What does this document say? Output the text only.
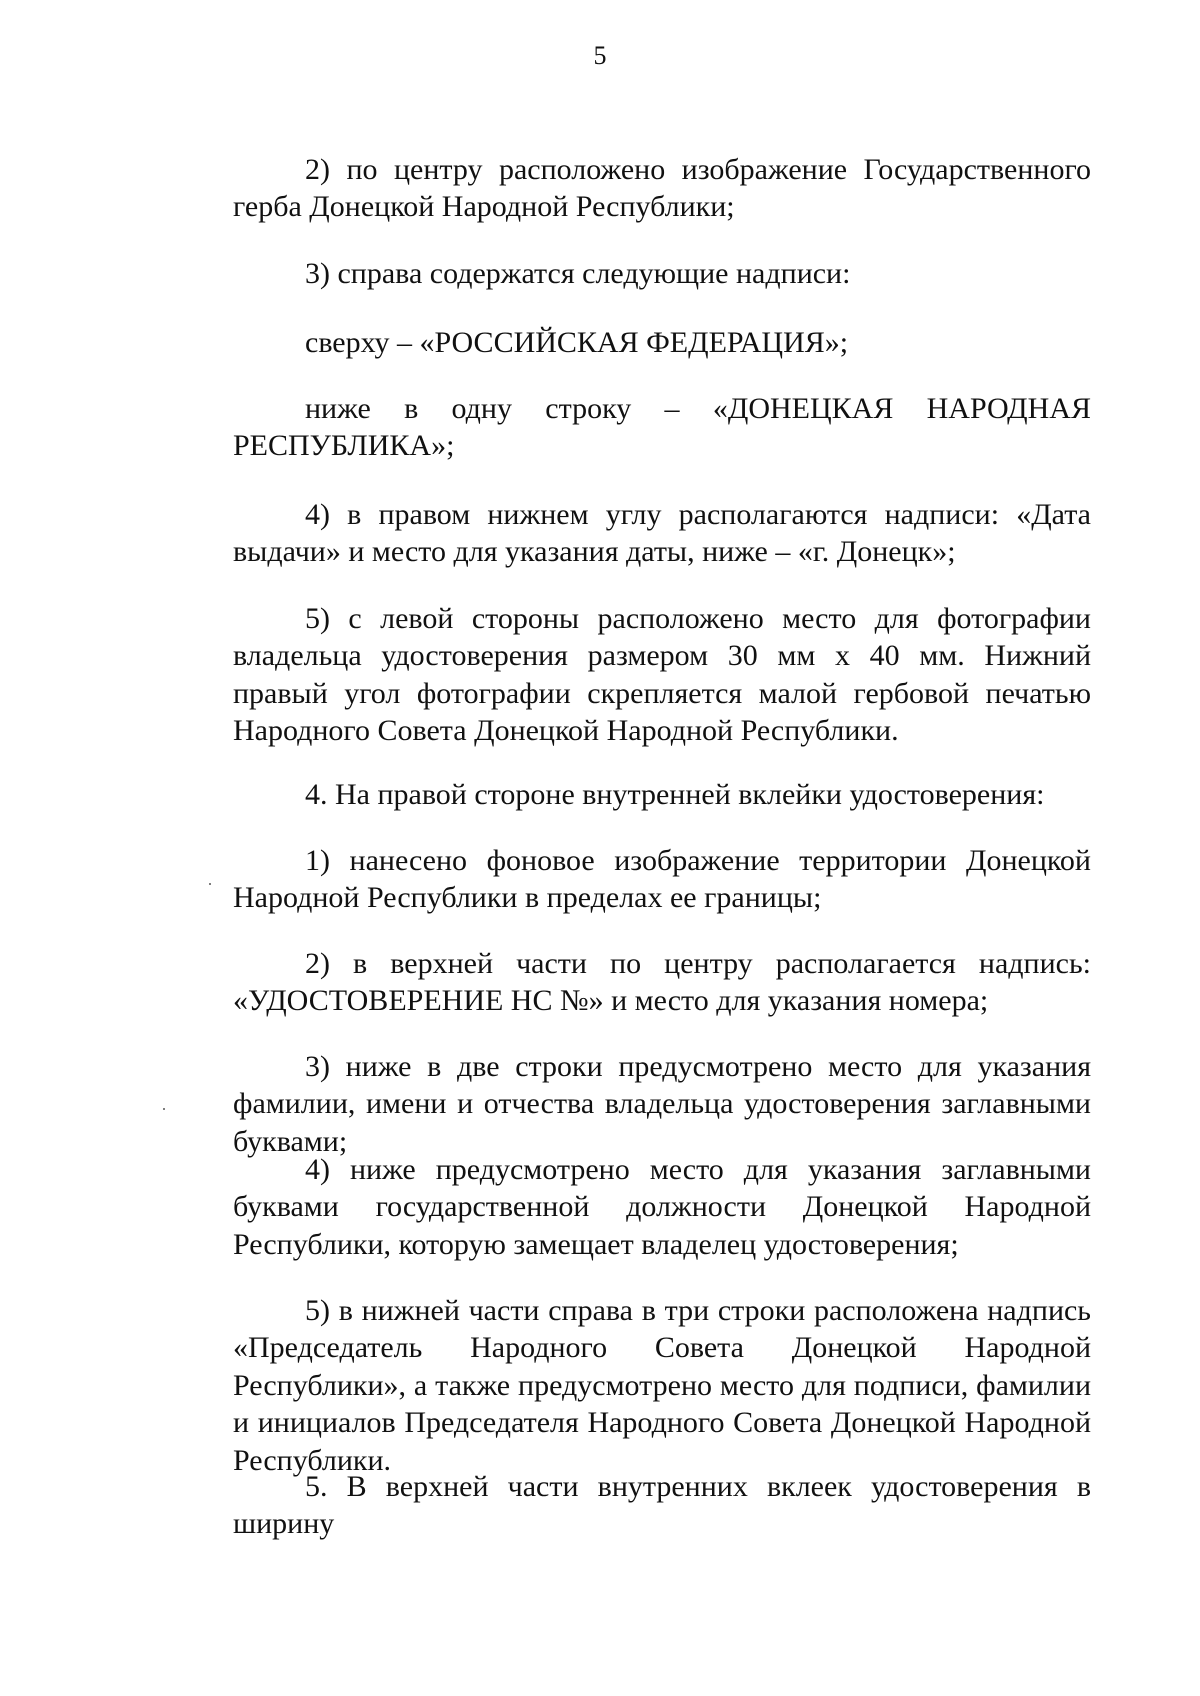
5

2) по центру расположено изображение Государственного герба Донецкой Народной Республики;

3) справа содержатся следующие надписи:

сверху – «РОССИЙСКАЯ ФЕДЕРАЦИЯ»;

ниже в одну строку – «ДОНЕЦКАЯ НАРОДНАЯ РЕСПУБЛИКА»;

4) в правом нижнем углу располагаются надписи: «Дата выдачи» и место для указания даты, ниже – «г. Донецк»;

5) с левой стороны расположено место для фотографии владельца удостоверения размером 30 мм х 40 мм. Нижний правый угол фотографии скрепляется малой гербовой печатью Народного Совета Донецкой Народной Республики.

4. На правой стороне внутренней вклейки удостоверения:

1) нанесено фоновое изображение территории Донецкой Народной Республики в пределах ее границы;

2) в верхней части по центру располагается надпись: «УДОСТОВЕРЕНИЕ НС №» и место для указания номера;

3) ниже в две строки предусмотрено место для указания фамилии, имени и отчества владельца удостоверения заглавными буквами;

4) ниже предусмотрено место для указания заглавными буквами государственной должности Донецкой Народной Республики, которую замещает владелец удостоверения;

5) в нижней части справа в три строки расположена надпись «Председатель Народного Совета Донецкой Народной Республики», а также предусмотрено место для подписи, фамилии и инициалов Председателя Народного Совета Донецкой Народной Республики.

5. В верхней части внутренних вклеек удостоверения в ширину
